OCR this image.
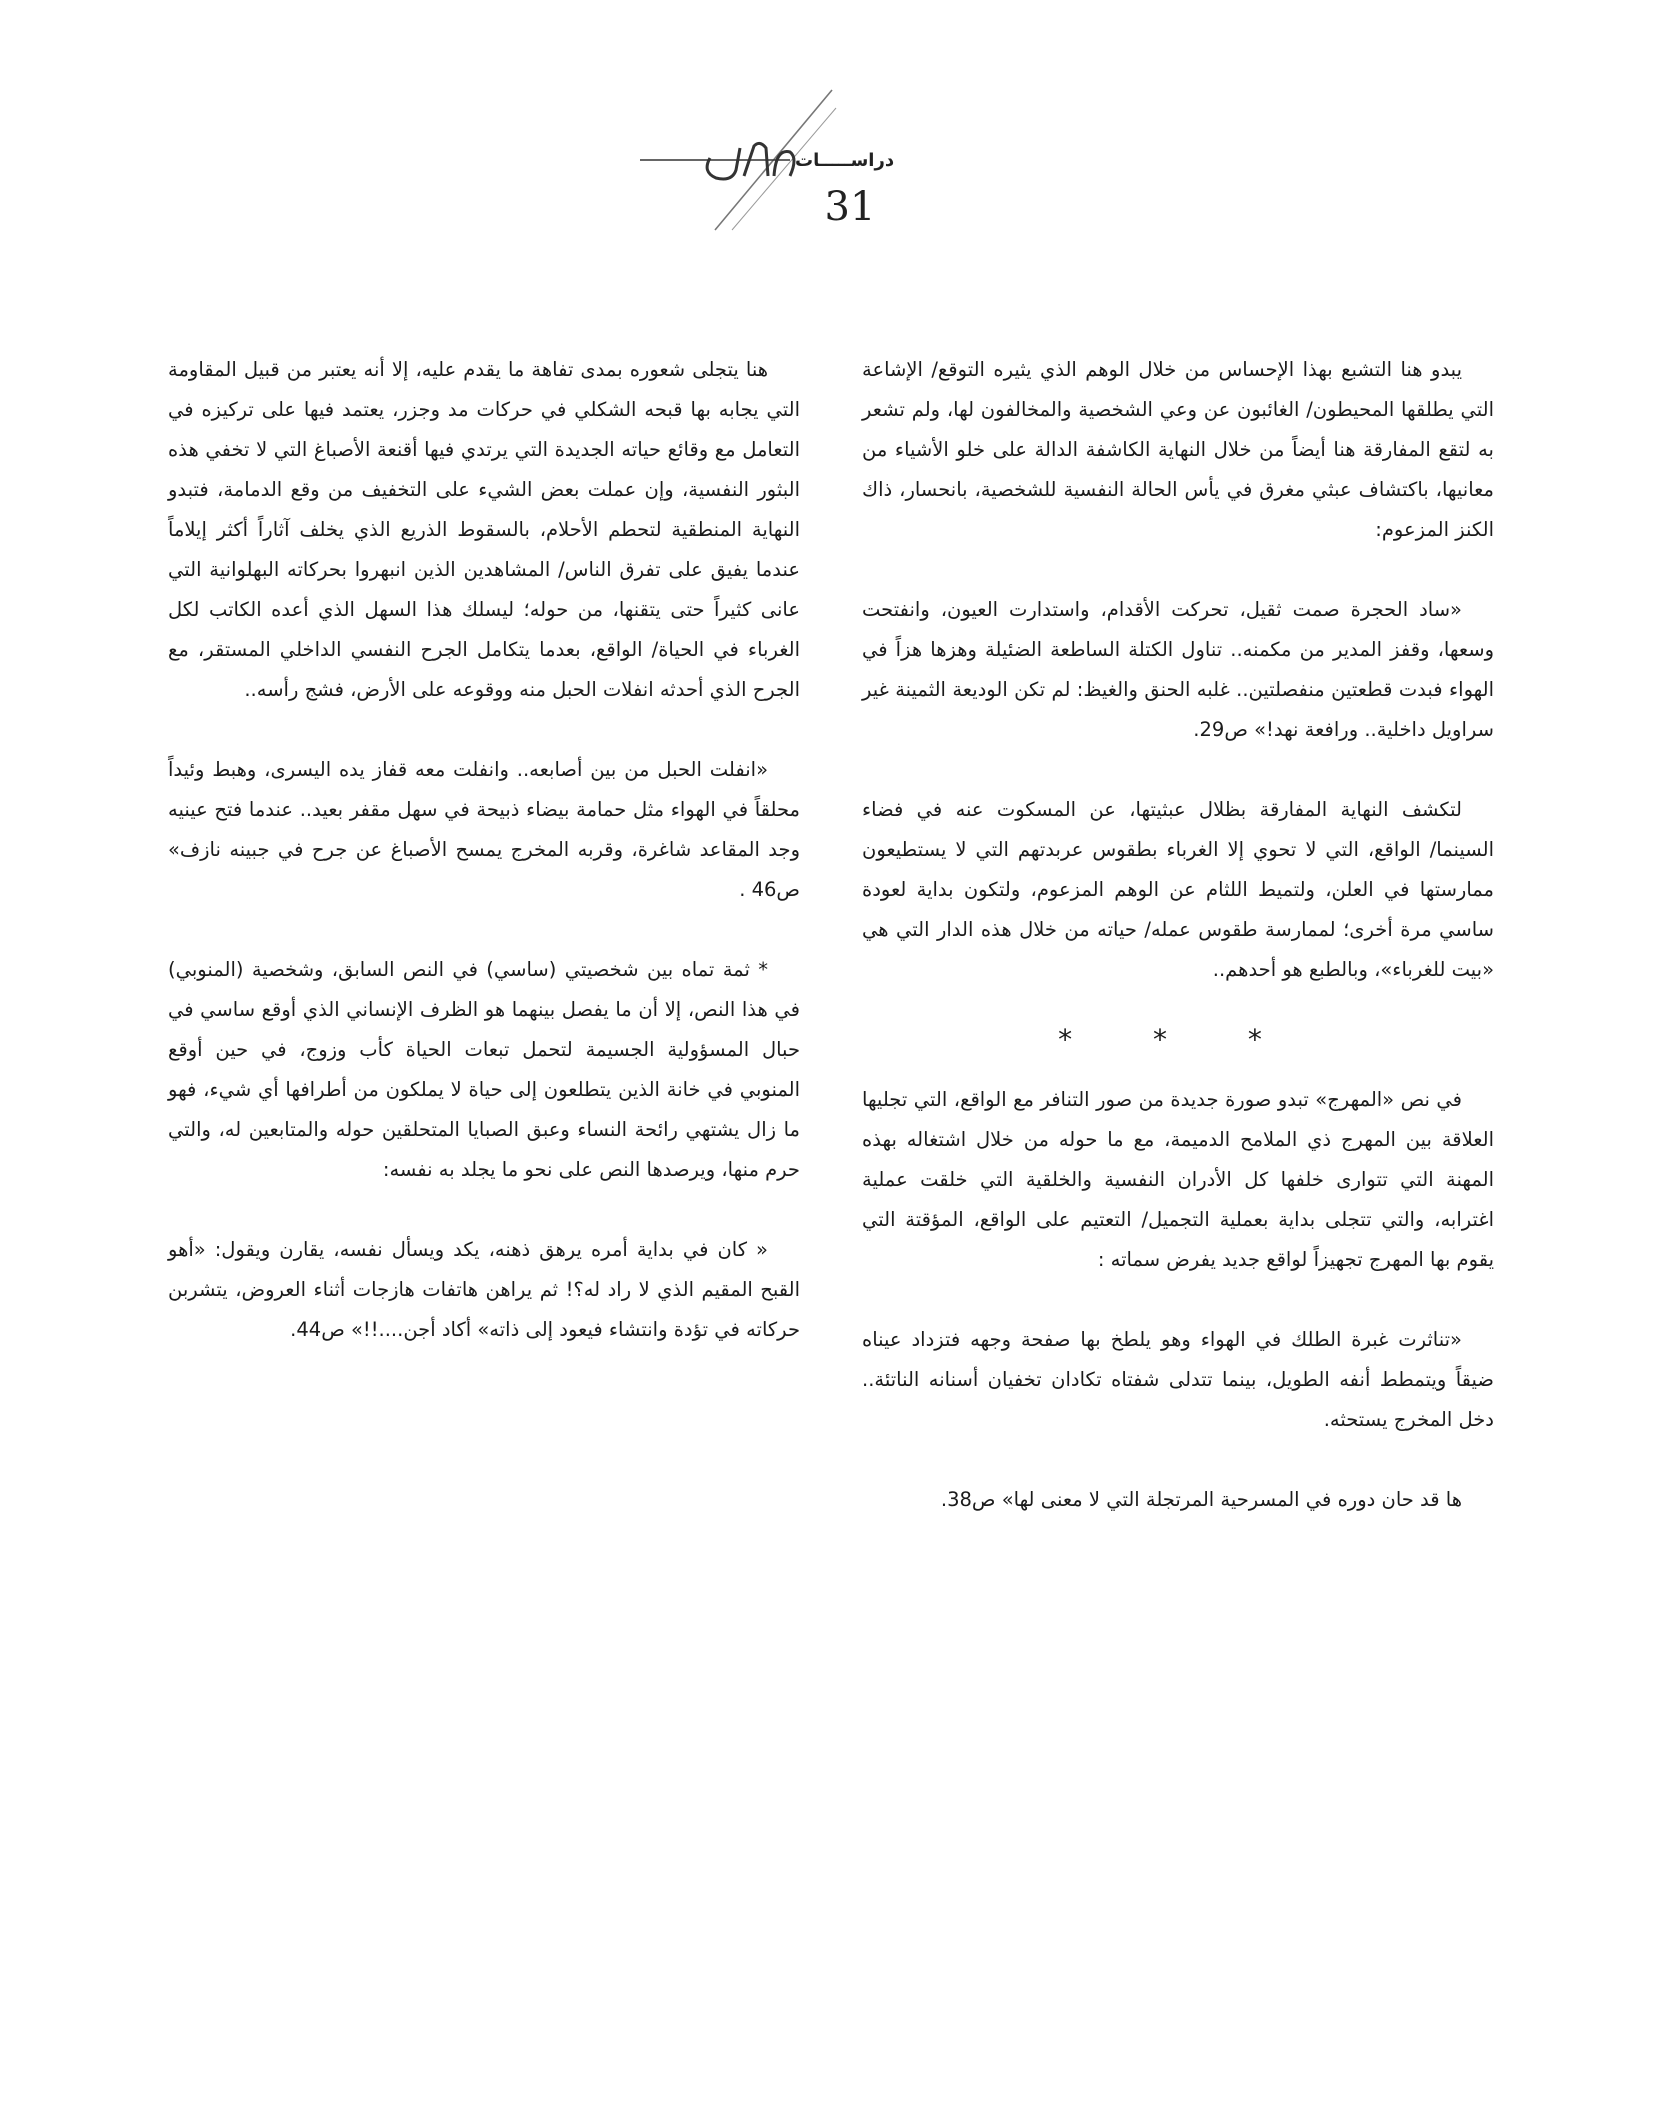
دراســـــات
31

يبدو هنا التشبع بهذا الإحساس من خلال الوهم الذي يثيره التوقع/ الإشاعة التي يطلقها المحيطون/ الغائبون عن وعي الشخصية والمخالفون لها، ولم تشعر به لتقع المفارقة هنا أيضاً من خلال النهاية الكاشفة الدالة على خلو الأشياء من معانيها، باكتشاف عبثي مغرق في يأس الحالة النفسية للشخصية، بانحسار، ذاك الكنز المزعوم:

«ساد الحجرة صمت ثقيل، تحركت الأقدام، واستدارت العيون، وانفتحت وسعها، وقفز المدير من مكمنه.. تناول الكتلة الساطعة الضئيلة وهزها هزاً في الهواء فبدت قطعتين منفصلتين.. غلبه الحنق والغيظ: لم تكن الوديعة الثمينة غير سراويل داخلية.. ورافعة نهد!» ص29.

لتكشف النهاية المفارقة بظلال عبثيتها، عن المسكوت عنه في فضاء السينما/ الواقع، التي لا تحوي إلا الغرباء بطقوس عربدتهم التي لا يستطيعون ممارستها في العلن، ولتميط اللثام عن الوهم المزعوم، ولتكون بداية لعودة ساسي مرة أخرى؛ لممارسة طقوس عمله/ حياته من خلال هذه الدار التي هي «بيت للغرباء»، وبالطبع هو أحدهم..

* * *

في نص «المهرج» تبدو صورة جديدة من صور التنافر مع الواقع، التي تجليها العلاقة بين المهرج ذي الملامح الدميمة، مع ما حوله من خلال اشتغاله بهذه المهنة التي تتوارى خلفها كل الأدران النفسية والخلقية التي خلقت عملية اغترابه، والتي تتجلى بداية بعملية التجميل/ التعتيم على الواقع، المؤقتة التي يقوم بها المهرج تجهيزاً لواقع جديد يفرض سماته :

«تناثرت غبرة الطلك في الهواء وهو يلطخ بها صفحة وجهه فتزداد عيناه ضيقاً ويتمطط أنفه الطويل، بينما تتدلى شفتاه تكادان تخفيان أسنانه الناتئة.. دخل المخرج يستحثه.

ها قد حان دوره في المسرحية المرتجلة التي لا معنى لها» ص38.

هنا يتجلى شعوره بمدى تفاهة ما يقدم عليه، إلا أنه يعتبر من قبيل المقاومة التي يجابه بها قبحه الشكلي في حركات مد وجزر، يعتمد فيها على تركيزه في التعامل مع وقائع حياته الجديدة التي يرتدي فيها أقنعة الأصباغ التي لا تخفي هذه البثور النفسية، وإن عملت بعض الشيء على التخفيف من وقع الدمامة، فتبدو النهاية المنطقية لتحطم الأحلام، بالسقوط الذريع الذي يخلف آثاراً أكثر إيلاماً عندما يفيق على تفرق الناس/ المشاهدين الذين انبهروا بحركاته البهلوانية التي عانى كثيراً حتى يتقنها، من حوله؛ ليسلك هذا السهل الذي أعده الكاتب لكل الغرباء في الحياة/ الواقع، بعدما يتكامل الجرح النفسي الداخلي المستقر، مع الجرح الذي أحدثه انفلات الحبل منه ووقوعه على الأرض، فشج رأسه..

«انفلت الحبل من بين أصابعه.. وانفلت معه قفاز يده اليسرى، وهبط وئيداً محلقاً في الهواء مثل حمامة بيضاء ذبيحة في سهل مقفر بعيد.. عندما فتح عينيه وجد المقاعد شاغرة، وقربه المخرج يمسح الأصباغ عن جرح في جبينه نازف» ص46 .

* ثمة تماه بين شخصيتي (ساسي) في النص السابق، وشخصية (المنوبي) في هذا النص، إلا أن ما يفصل بينهما هو الظرف الإنساني الذي أوقع ساسي في حبال المسؤولية الجسيمة لتحمل تبعات الحياة كأب وزوج، في حين أوقع المنوبي في خانة الذين يتطلعون إلى حياة لا يملكون من أطرافها أي شيء، فهو ما زال يشتهي رائحة النساء وعبق الصبايا المتحلقين حوله والمتابعين له، والتي حرم منها، ويرصدها النص على نحو ما يجلد به نفسه:

« كان في بداية أمره يرهق ذهنه، يكد ويسأل نفسه، يقارن ويقول: «أهو القبح المقيم الذي لا راد له؟! ثم يراهن هاتفات هازجات أثناء العروض، يتشربن حركاته في تؤدة وانتشاء فيعود إلى ذاته» أكاد أجن....!!» ص44.
